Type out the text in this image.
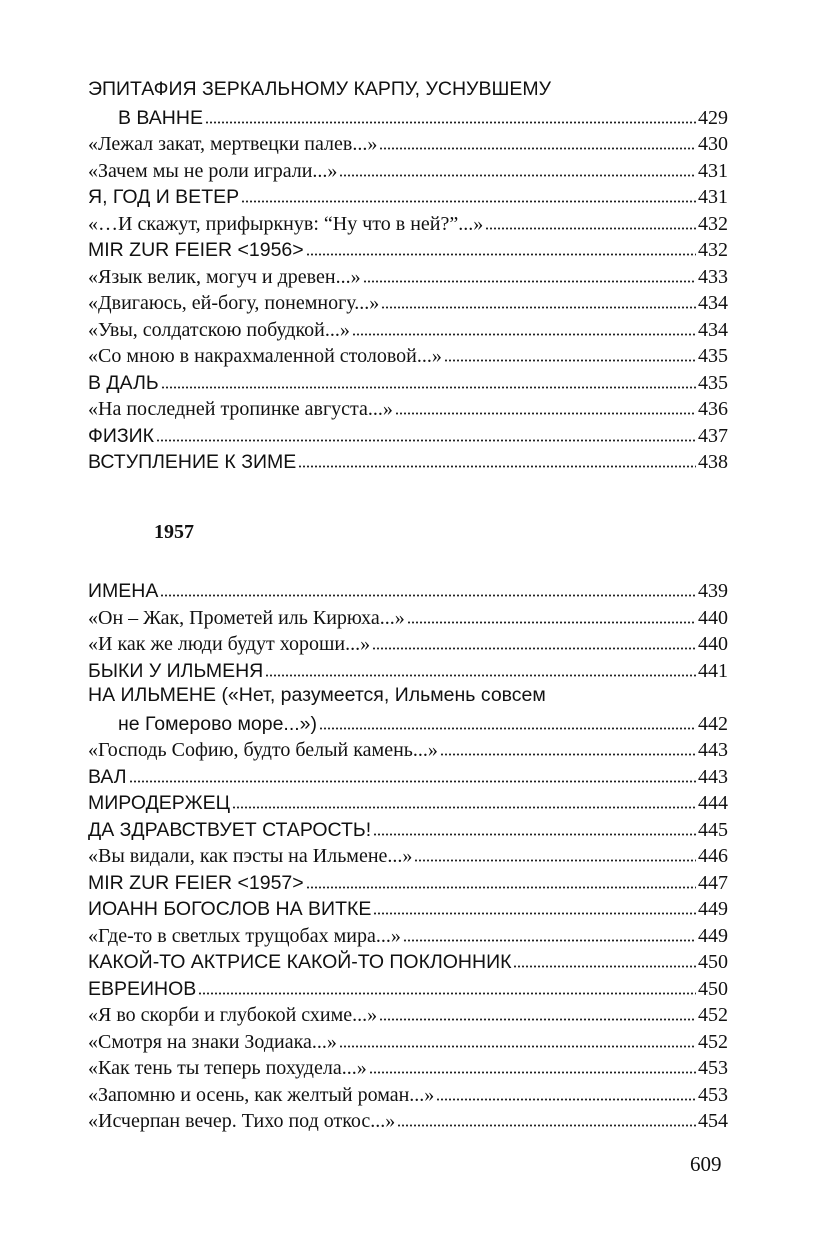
ЭПИТАФИЯ ЗЕРКАЛЬНОМУ КАРПУ, УСНУВШЕМУ
В ВАННЕ	429
«Лежал закат, мертвецки палев...»	430
«Зачем мы не роли играли...»	431
Я, ГОД И ВЕТЕР	431
«…И скажут, прифыркнув: “Ну что в ней?”...»	432
MIR ZUR FEIER <1956>	432
«Язык велик, могуч и древен...»	433
«Двигаюсь, ей-богу, понемногу...»	434
«Увы, солдатскою побудкой...»	434
«Со мною в накрахмаленной столовой...»	435
В ДАЛЬ	435
«На последней тропинке августа...»	436
ФИЗИК	437
ВСТУПЛЕНИЕ К ЗИМЕ	438
1957
ИМЕНА	439
«Он – Жак, Прометей иль Кирюха...»	440
«И как же люди будут хороши...»	440
БЫКИ У ИЛЬМЕНЯ	441
НА ИЛЬМЕНЕ («Нет, разумеется, Ильмень совсем
не Гомерово море...»)	442
«Господь Софию, будто белый камень...»	443
ВАЛ	443
МИРОДЕРЖЕЦ	444
ДА ЗДРАВСТВУЕТ СТАРОСТЬ!	445
«Вы видали, как пэсты на Ильмене...»	446
MIR ZUR FEIER <1957>	447
ИОАНН БОГОСЛОВ НА ВИТКЕ	449
«Где-то в светлых трущобах мира...»	449
КАКОЙ-ТО АКТРИСЕ КАКОЙ-ТО ПОКЛОННИК	450
ЕВРЕИНОВ	450
«Я во скорби и глубокой схиме...»	452
«Смотря на знаки Зодиака...»	452
«Как тень ты теперь похудела...»	453
«Запомню и осень, как желтый роман...»	453
«Исчерпан вечер. Тихо под откос...»	454
609
